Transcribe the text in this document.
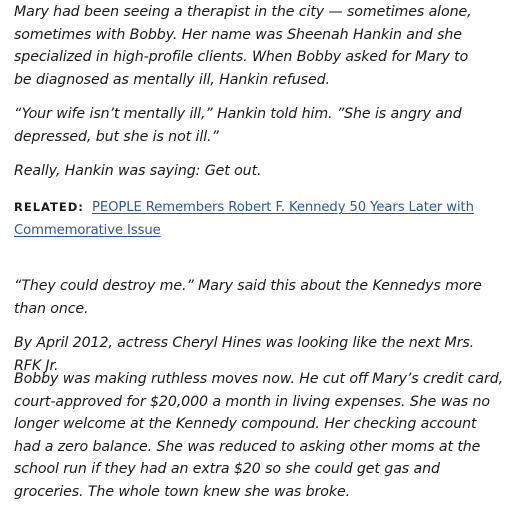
Mary had been seeing a therapist in the city — sometimes alone, sometimes with Bobby. Her name was Sheenah Hankin and she specialized in high-profile clients. When Bobby asked for Mary to be diagnosed as mentally ill, Hankin refused.

“Your wife isn’t mentally ill,” Hankin told him. ”She is angry and depressed, but she is not ill.”

Really, Hankin was saying: Get out.

RELATED: PEOPLE Remembers Robert F. Kennedy 50 Years Later with Commemorative Issue

“They could destroy me.” Mary said this about the Kennedys more than once.

By April 2012, actress Cheryl Hines was looking like the next Mrs. RFK Jr.

Bobby was making ruthless moves now. He cut off Mary’s credit card, court-approved for $20,000 a month in living expenses. She was no longer welcome at the Kennedy compound. Her checking account had a zero balance. She was reduced to asking other moms at the school run if they had an extra $20 so she could get gas and groceries. The whole town knew she was broke.
